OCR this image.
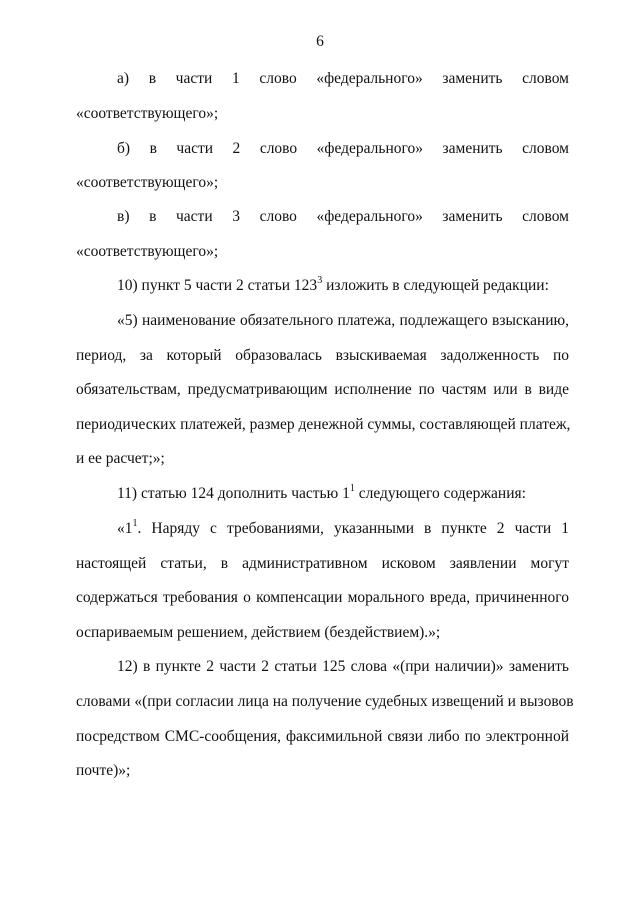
6
а) в части 1 слово «федерального» заменить словом
«соответствующего»;
б) в части 2 слово «федерального» заменить словом
«соответствующего»;
в) в части 3 слово «федерального» заменить словом
«соответствующего»;
10) пункт 5 части 2 статьи $123^3$ изложить в следующей редакции:
«5) наименование обязательного платежа, подлежащего взысканию,
период, за который образовалась взыскиваемая задолженность по
обязательствам, предусматривающим исполнение по частям или в виде
периодических платежей, размер денежной суммы, составляющей платеж,
и ее расчет;»;
11) статью 124 дополнить частью $1^1$ следующего содержания:
«$1^1$. Наряду с требованиями, указанными в пункте 2 части 1
настоящей статьи, в административном исковом заявлении могут
содержаться требования о компенсации морального вреда, причиненного
оспариваемым решением, действием (бездействием).»;
12) в пункте 2 части 2 статьи 125 слова «(при наличии)» заменить
словами «(при согласии лица на получение судебных извещений и вызовов
посредством СМС-сообщения, факсимильной связи либо по электронной
почте)»;
